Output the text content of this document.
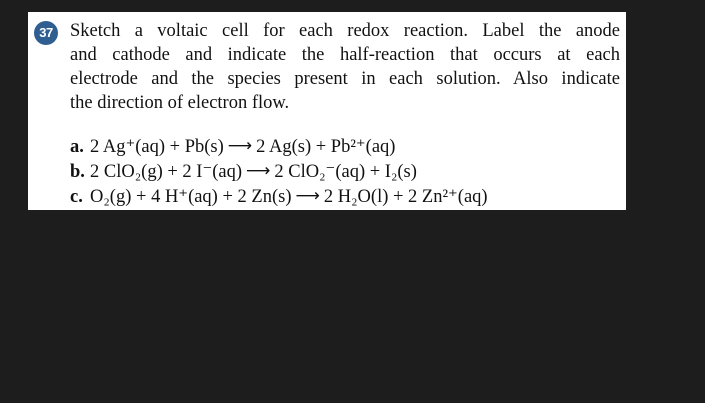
37 Sketch a voltaic cell for each redox reaction. Label the anode
and cathode and indicate the half-reaction that occurs at each
electrode and the species present in each solution. Also indicate
the direction of electron flow.
a. 2 Ag⁺(aq) + Pb(s) ⟶ 2 Ag(s) + Pb²⁺(aq)
b. 2 ClO₂(g) + 2 I⁻(aq) ⟶ 2 ClO₂⁻(aq) + I₂(s)
c. O₂(g) + 4 H⁺(aq) + 2 Zn(s) ⟶ 2 H₂O(l) + 2 Zn²⁺(aq)
